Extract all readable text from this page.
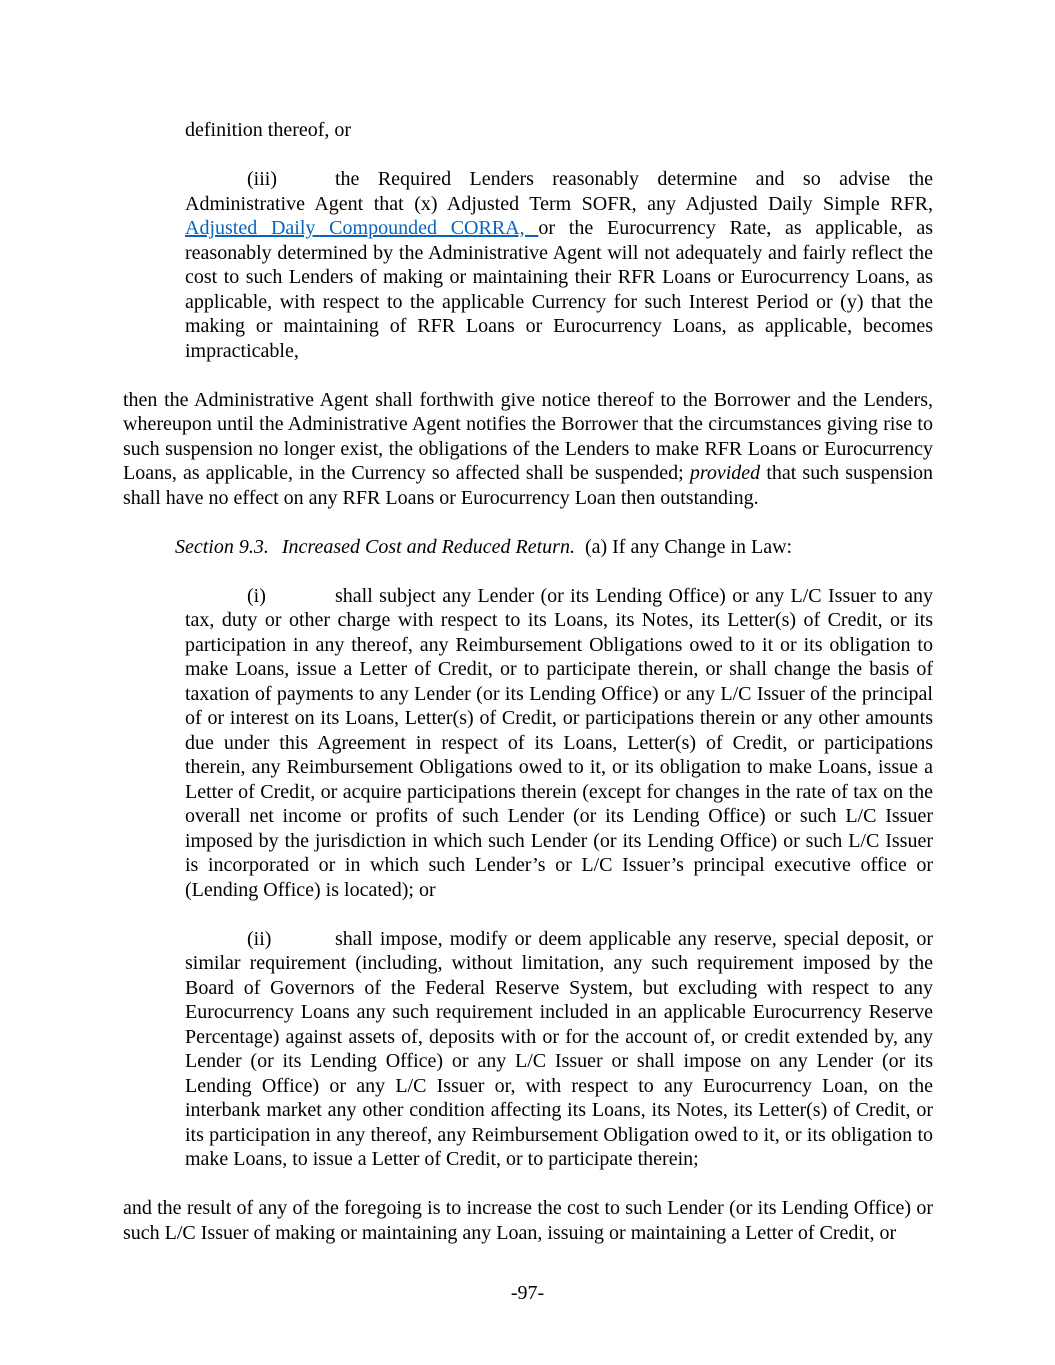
definition thereof, or

(iii)	the Required Lenders reasonably determine and so advise the Administrative Agent that (x) Adjusted Term SOFR, any Adjusted Daily Simple RFR, Adjusted Daily Compounded CORRA, or the Eurocurrency Rate, as applicable, as reasonably determined by the Administrative Agent will not adequately and fairly reflect the cost to such Lenders of making or maintaining their RFR Loans or Eurocurrency Loans, as applicable, with respect to the applicable Currency for such Interest Period or (y) that the making or maintaining of RFR Loans or Eurocurrency Loans, as applicable, becomes impracticable,

then the Administrative Agent shall forthwith give notice thereof to the Borrower and the Lenders, whereupon until the Administrative Agent notifies the Borrower that the circumstances giving rise to such suspension no longer exist, the obligations of the Lenders to make RFR Loans or Eurocurrency Loans, as applicable, in the Currency so affected shall be suspended; provided that such suspension shall have no effect on any RFR Loans or Eurocurrency Loan then outstanding.

Section 9.3. Increased Cost and Reduced Return.  (a) If any Change in Law:

(i)	shall subject any Lender (or its Lending Office) or any L/C Issuer to any tax, duty or other charge with respect to its Loans, its Notes, its Letter(s) of Credit, or its participation in any thereof, any Reimbursement Obligations owed to it or its obligation to make Loans, issue a Letter of Credit, or to participate therein, or shall change the basis of taxation of payments to any Lender (or its Lending Office) or any L/C Issuer of the principal of or interest on its Loans, Letter(s) of Credit, or participations therein or any other amounts due under this Agreement in respect of its Loans, Letter(s) of Credit, or participations therein, any Reimbursement Obligations owed to it, or its obligation to make Loans, issue a Letter of Credit, or acquire participations therein (except for changes in the rate of tax on the overall net income or profits of such Lender (or its Lending Office) or such L/C Issuer imposed by the jurisdiction in which such Lender (or its Lending Office) or such L/C Issuer is incorporated or in which such Lender’s or L/C Issuer’s principal executive office or (Lending Office) is located); or

(ii)	shall impose, modify or deem applicable any reserve, special deposit, or similar requirement (including, without limitation, any such requirement imposed by the Board of Governors of the Federal Reserve System, but excluding with respect to any Eurocurrency Loans any such requirement included in an applicable Eurocurrency Reserve Percentage) against assets of, deposits with or for the account of, or credit extended by, any Lender (or its Lending Office) or any L/C Issuer or shall impose on any Lender (or its Lending Office) or any L/C Issuer or, with respect to any Eurocurrency Loan, on the interbank market any other condition affecting its Loans, its Notes, its Letter(s) of Credit, or its participation in any thereof, any Reimbursement Obligation owed to it, or its obligation to make Loans, to issue a Letter of Credit, or to participate therein;

and the result of any of the foregoing is to increase the cost to such Lender (or its Lending Office) or such L/C Issuer of making or maintaining any Loan, issuing or maintaining a Letter of Credit, or

-97-
